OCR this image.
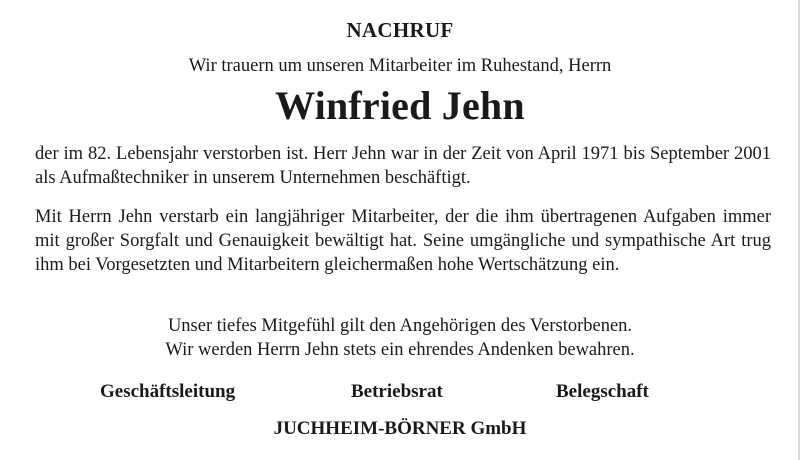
NACHRUF
Wir trauern um unseren Mitarbeiter im Ruhestand, Herrn
Winfried Jehn
der im 82. Lebensjahr verstorben ist. Herr Jehn war in der Zeit von April 1971 bis September 2001 als Aufmaßtechniker in unserem Unternehmen beschäftigt.
Mit Herrn Jehn verstarb ein langjähriger Mitarbeiter, der die ihm übertragenen Aufgaben immer mit großer Sorgfalt und Genauigkeit bewältigt hat. Seine umgängliche und sympathische Art trug ihm bei Vorgesetzten und Mitarbeitern gleichermaßen hohe Wertschätzung ein.
Unser tiefes Mitgefühl gilt den Angehörigen des Verstorbenen.
Wir werden Herrn Jehn stets ein ehrendes Andenken bewahren.
Geschäftsleitung	Betriebsrat	Belegschaft
JUCHHEIM-BÖRNER GmbH
